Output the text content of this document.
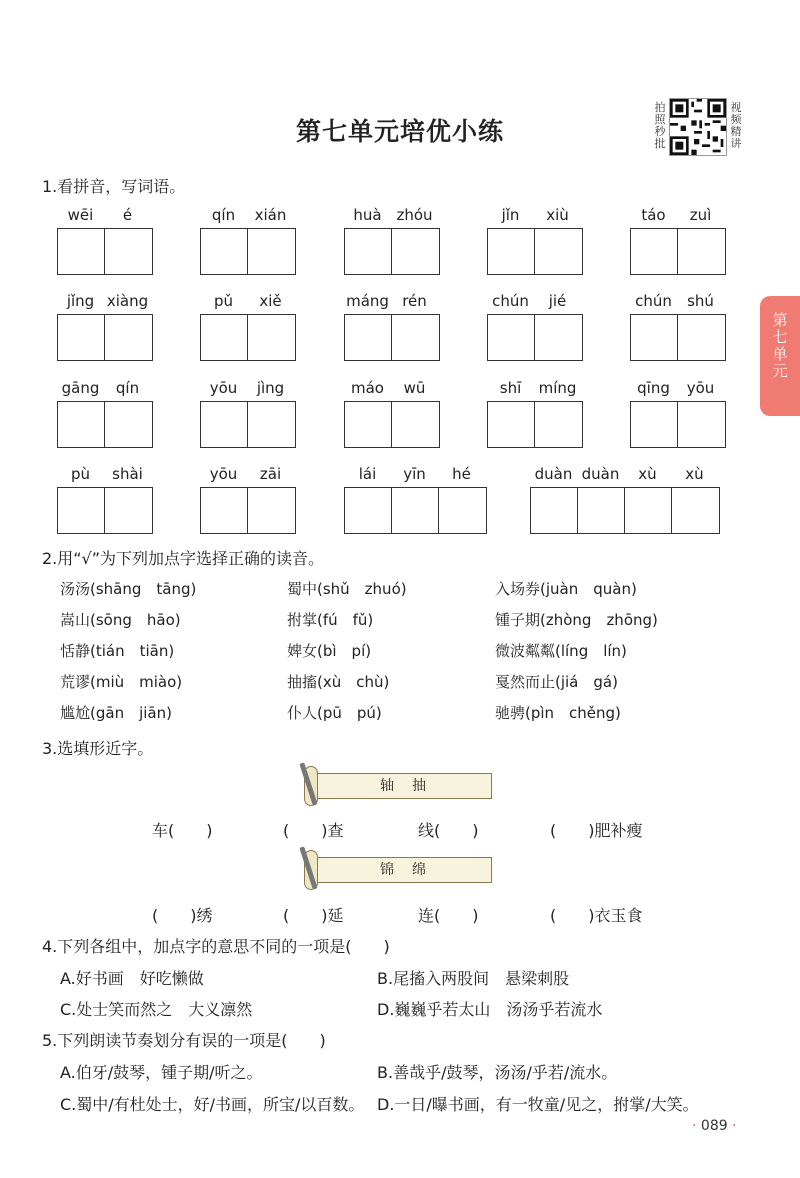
第七单元培优小练
拍
照
秒
批
视
频
精
讲
第
七
单
元
1.看拼音，写词语。
wēi	é	qín	xián	huà zhóu	jǐn	xiù	táo	zuì
jǐng xiàng	pǔ	xiě	máng rén	chún	jié	chún	shú
gāng	qín	yōu	jìng	máo	wū	shī	míng	qīng	yōu
pù	shài	yōu	zāi	lái	yīn	hé	duàn duàn	xù	xù
2.用“√”为下列加点字选择正确的读音。
汤汤(shāng　tāng)	蜀中(shǔ　zhuó)	入场券(juàn　quàn)
嵩山(sōng　hāo)	拊掌(fú　fǔ)	锺子期(zhòng　zhōng)
恬静(tián　tiān)	婢女(bì　pí)	微波粼粼(líng　lín)
荒谬(miù　miào)	抽搐(xù　chù)	戛然而止(jiá　gá)
尴尬(gān　jiān)	仆人(pū　pú)	驰骋(pìn　chěng)
3.选填形近字。
轴　抽
车(　　)	(　　)查	线(　　)	(　　)肥补瘦
锦　绵
(　　)绣	(　　)延	连(　　)	(　　)衣玉食
4.下列各组中，加点字的意思不同的一项是(　　)
A.好书画　好吃懒做	B.尾搐入两股间　悬梁刺股
C.处士笑而然之　大义凛然	D.巍巍乎若太山　汤汤乎若流水
5.下列朗读节奏划分有误的一项是(　　)
A.伯牙/鼓琴，锺子期/听之。	B.善哉乎/鼓琴，汤汤/乎若/流水。
C.蜀中/有杜处士，好/书画，所宝/以百数。 D.一日/曝书画，有一牧童/见之，拊掌/大笑。
· 089 ·
